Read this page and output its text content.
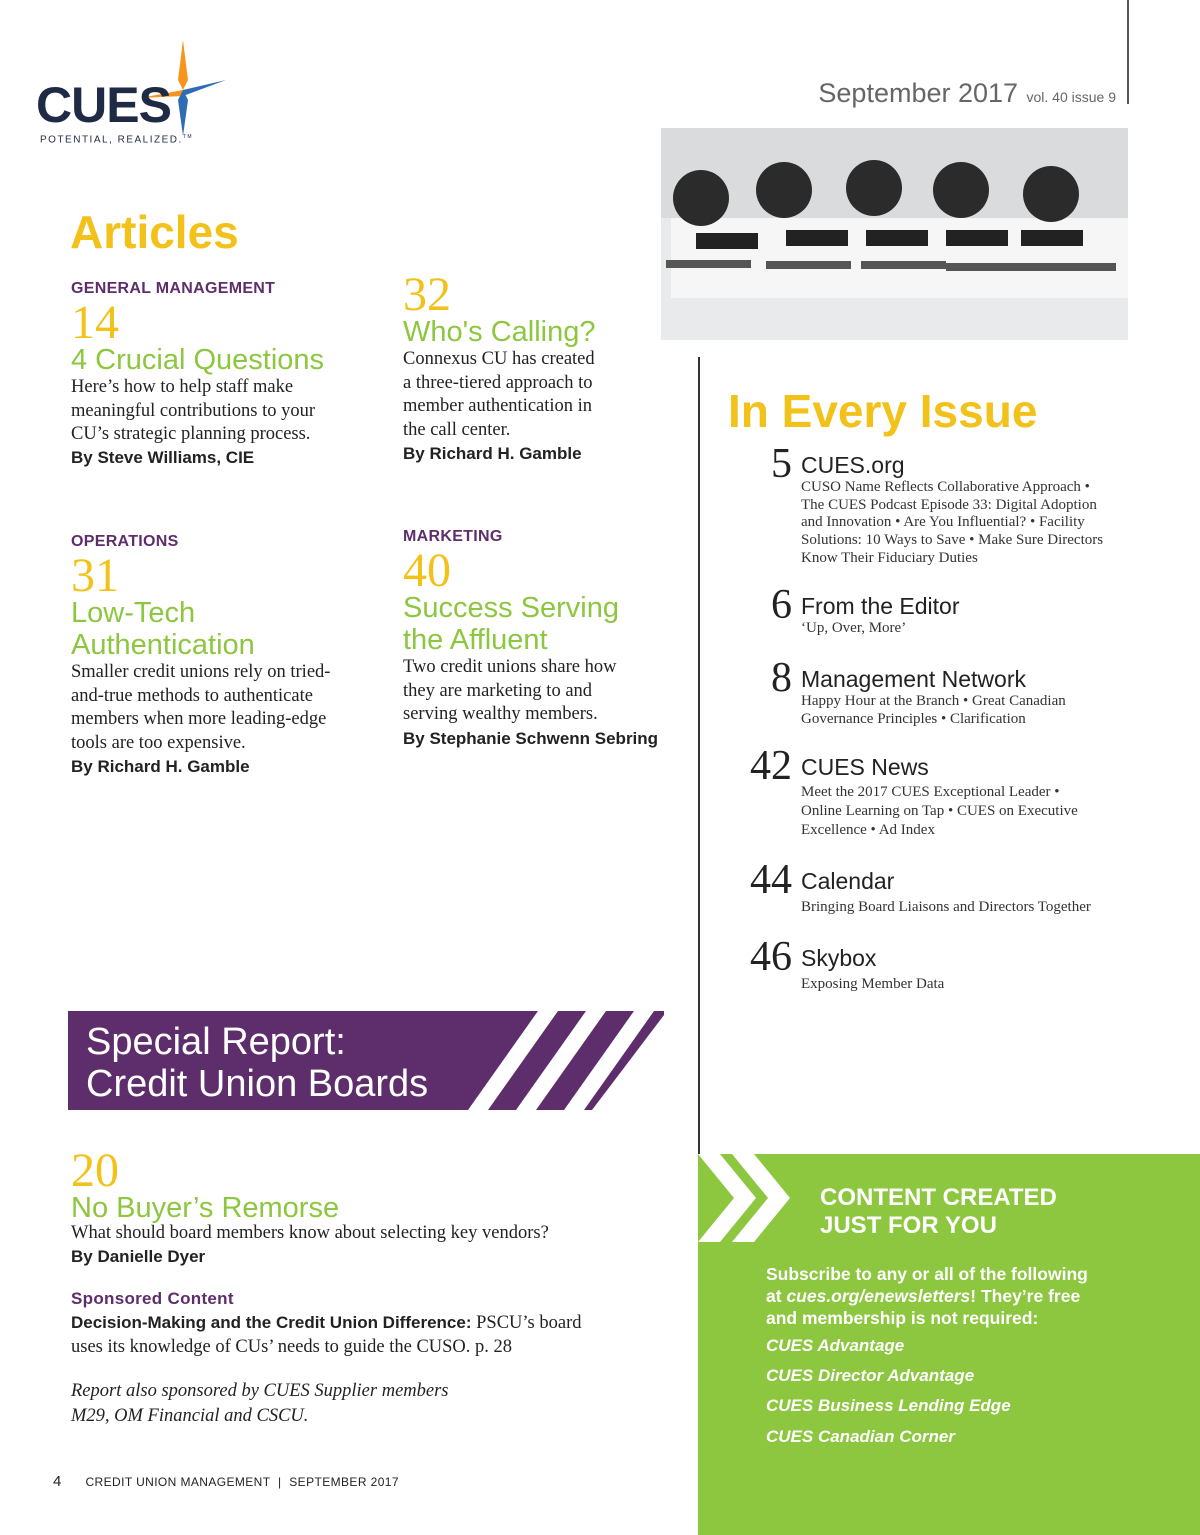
CUES
POTENTIAL, REALIZED.™
September 2017 vol. 40 issue 9
Articles
GENERAL MANAGEMENT
14
4 Crucial Questions
Here’s how to help staff make
meaningful contributions to your
CU’s strategic planning process.
By Steve Williams, CIE
32
Who's Calling?
Connexus CU has created
a three-tiered approach to
member authentication in
the call center.
By Richard H. Gamble
OPERATIONS
31
Low-Tech
Authentication
Smaller credit unions rely on tried-
and-true methods to authenticate
members when more leading-edge
tools are too expensive.
By Richard H. Gamble
MARKETING
40
Success Serving
the Affluent
Two credit unions share how
they are marketing to and
serving wealthy members.
By Stephanie Schwenn Sebring
In Every Issue
5 CUES.org
CUSO Name Reflects Collaborative Approach •
The CUES Podcast Episode 33: Digital Adoption
and Innovation • Are You Influential? • Facility
Solutions: 10 Ways to Save • Make Sure Directors
Know Their Fiduciary Duties
6 From the Editor
‘Up, Over, More’
8 Management Network
Happy Hour at the Branch • Great Canadian
Governance Principles • Clarification
42 CUES News
Meet the 2017 CUES Exceptional Leader •
Online Learning on Tap • CUES on Executive
Excellence • Ad Index
44 Calendar
Bringing Board Liaisons and Directors Together
46 Skybox
Exposing Member Data
Special Report:
Credit Union Boards
20
No Buyer’s Remorse
What should board members know about selecting key vendors?
By Danielle Dyer
Sponsored Content
Decision-Making and the Credit Union Difference: PSCU’s board
uses its knowledge of CUs’ needs to guide the CUSO. p. 28
Report also sponsored by CUES Supplier members
M29, OM Financial and CSCU.
CONTENT CREATED
JUST FOR YOU
Subscribe to any or all of the following
at cues.org/enewsletters! They’re free
and membership is not required:
CUES Advantage
CUES Director Advantage
CUES Business Lending Edge
CUES Canadian Corner
4 CREDIT UNION MANAGEMENT | SEPTEMBER 2017
